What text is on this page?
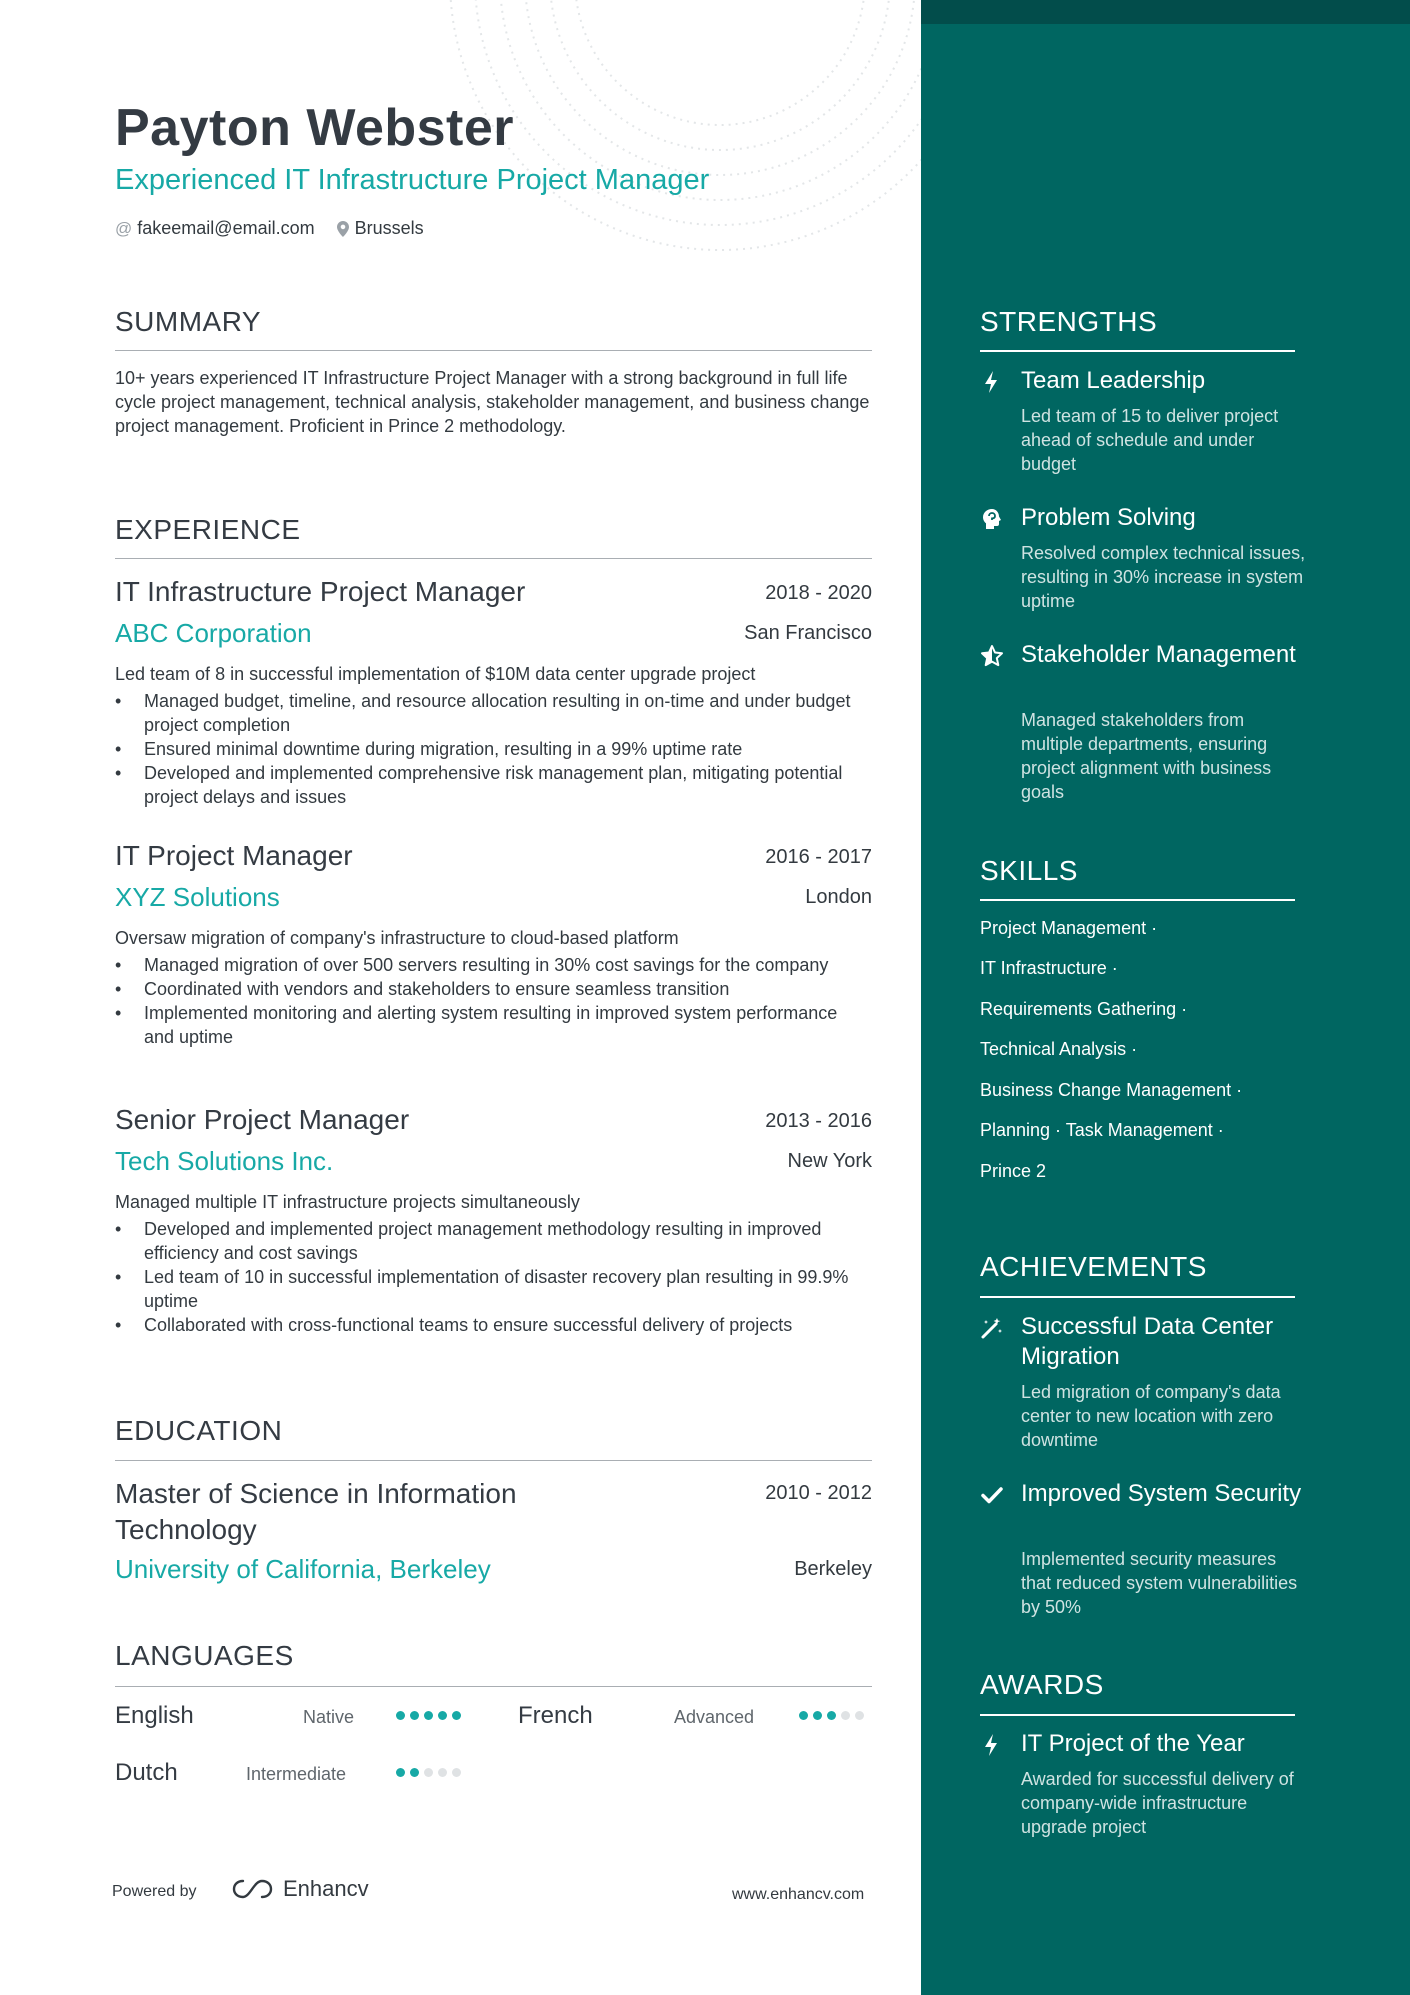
Payton Webster
Experienced IT Infrastructure Project Manager
@ fakeemail@email.com Brussels
SUMMARY
10+ years experienced IT Infrastructure Project Manager with a strong background in full life cycle project management, technical analysis, stakeholder management, and business change project management. Proficient in Prince 2 methodology.
EXPERIENCE
IT Infrastructure Project Manager	2018 - 2020
ABC Corporation	San Francisco
Led team of 8 in successful implementation of $10M data center upgrade project
• Managed budget, timeline, and resource allocation resulting in on-time and under budget project completion
• Ensured minimal downtime during migration, resulting in a 99% uptime rate
• Developed and implemented comprehensive risk management plan, mitigating potential project delays and issues
IT Project Manager	2016 - 2017
XYZ Solutions	London
Oversaw migration of company's infrastructure to cloud-based platform
• Managed migration of over 500 servers resulting in 30% cost savings for the company
• Coordinated with vendors and stakeholders to ensure seamless transition
• Implemented monitoring and alerting system resulting in improved system performance and uptime
Senior Project Manager	2013 - 2016
Tech Solutions Inc.	New York
Managed multiple IT infrastructure projects simultaneously
• Developed and implemented project management methodology resulting in improved efficiency and cost savings
• Led team of 10 in successful implementation of disaster recovery plan resulting in 99.9% uptime
• Collaborated with cross-functional teams to ensure successful delivery of projects
EDUCATION
Master of Science in Information Technology
2010 - 2012
University of California, Berkeley	Berkeley
LANGUAGES
English	Native	French	Advanced
Dutch	Intermediate
Powered by	Enhancv	www.enhancv.com
STRENGTHS
Team Leadership
Led team of 15 to deliver project ahead of schedule and under budget
Problem Solving
Resolved complex technical issues, resulting in 30% increase in system uptime
Stakeholder Management
Managed stakeholders from multiple departments, ensuring project alignment with business goals
SKILLS
Project Management ·
IT Infrastructure ·
Requirements Gathering ·
Technical Analysis ·
Business Change Management ·
Planning · Task Management ·
Prince 2
ACHIEVEMENTS
Successful Data Center Migration
Led migration of company's data center to new location with zero downtime
Improved System Security
Implemented security measures that reduced system vulnerabilities by 50%
AWARDS
IT Project of the Year
Awarded for successful delivery of company-wide infrastructure upgrade project
